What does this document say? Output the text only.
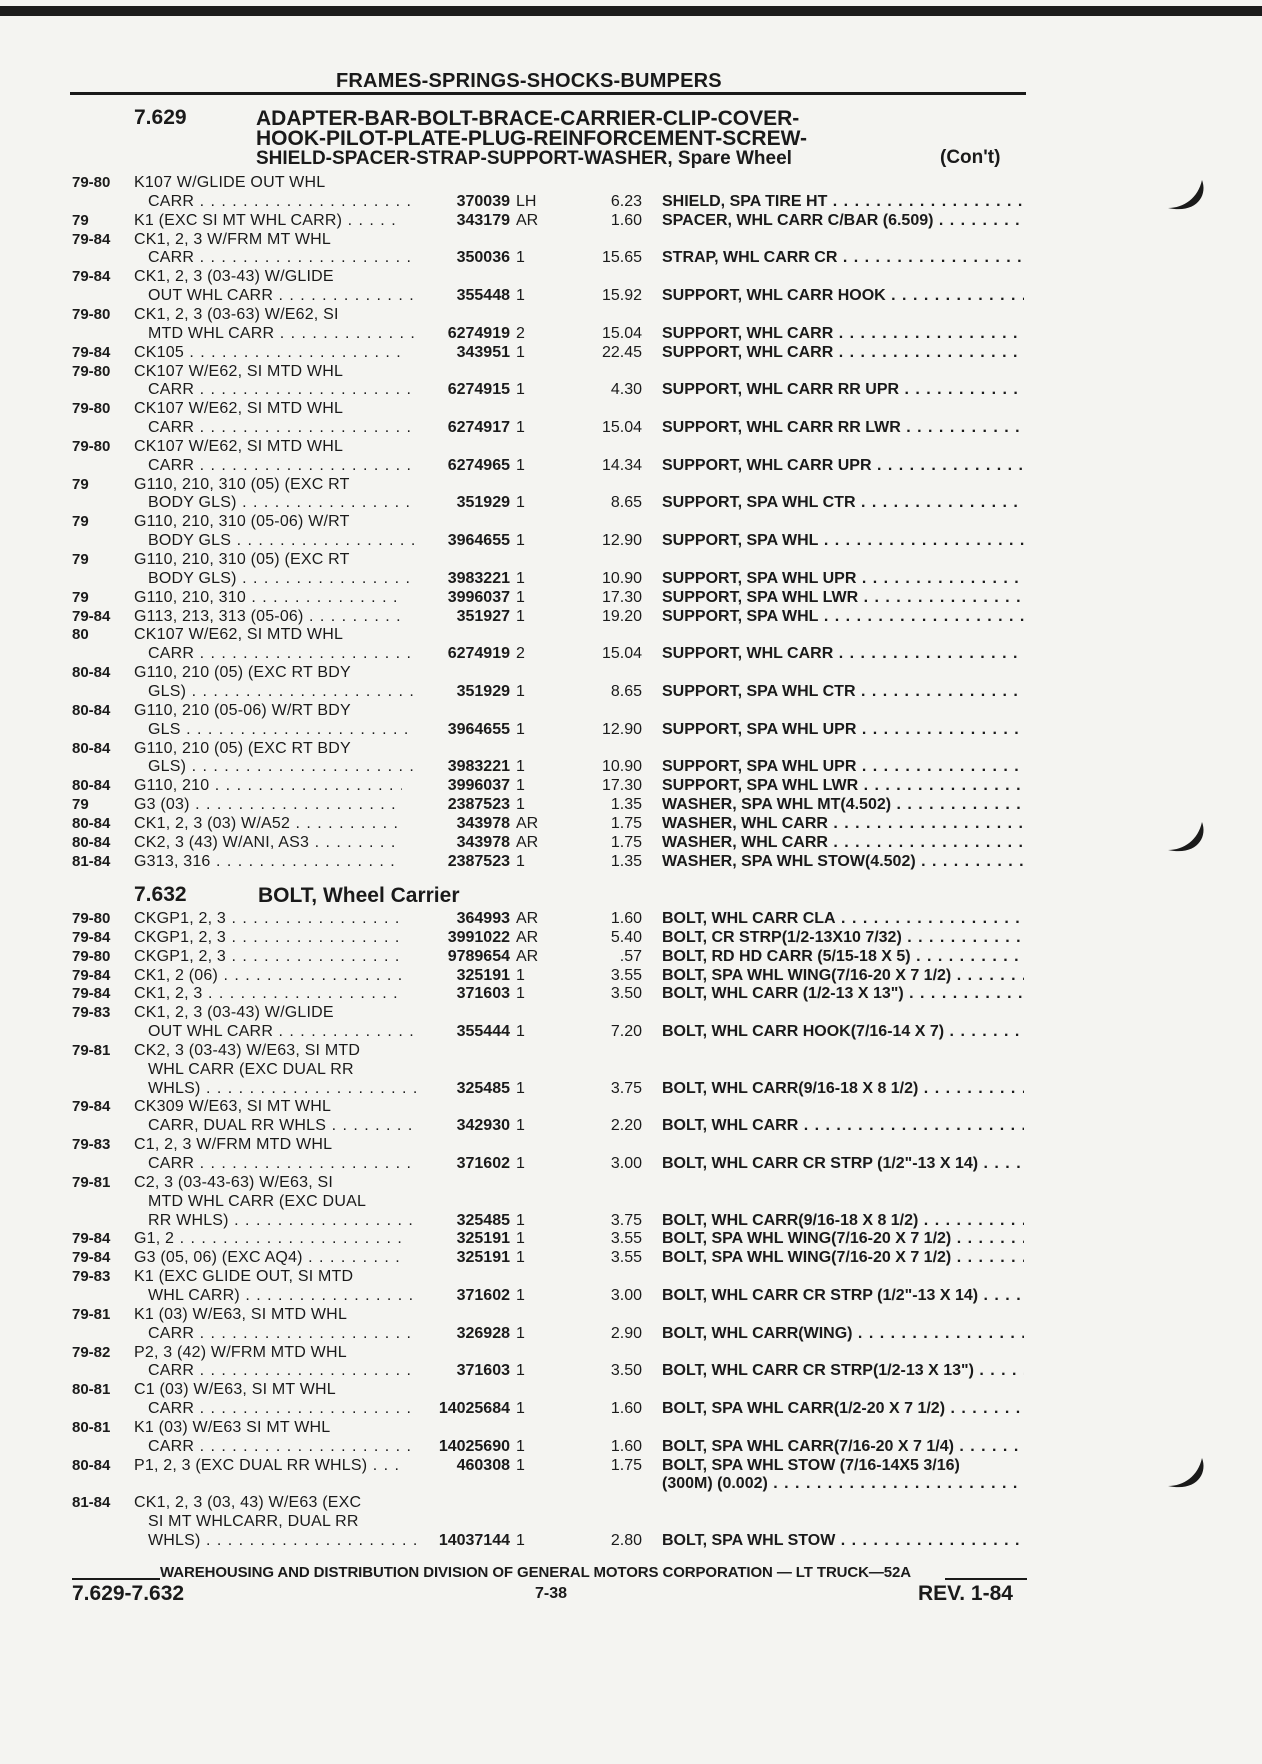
FRAMES-SPRINGS-SHOCKS-BUMPERS
7.629	ADAPTER-BAR-BOLT-BRACE-CARRIER-CLIP-COVER-
HOOK-PILOT-PLATE-PLUG-REINFORCEMENT-SCREW-
SHIELD-SPACER-STRAP-SUPPORT-WASHER, Spare Wheel	(Con't)
79-80 K107 W/GLIDE OUT WHL
CARR . . .	370039 LH	6.23 SHIELD, SPA TIRE HT . . .
79	K1 (EXC SI MT WHL CARR) . . .	343179 AR	1.60 SPACER, WHL CARR C/BAR (6.509) . . .
79-84 CK1, 2, 3 W/FRM MT WHL
CARR . . .	350036 1	15.65 STRAP, WHL CARR CR . . .
79-84 CK1, 2, 3 (03-43) W/GLIDE
OUT WHL CARR . . .	355448 1	15.92 SUPPORT, WHL CARR HOOK . . .
79-80 CK1, 2, 3 (03-63) W/E62, SI
MTD WHL CARR . . .	6274919 2	15.04 SUPPORT, WHL CARR . . .
79-84 CK105 . . .	343951 1	22.45 SUPPORT, WHL CARR . . .
79-80 CK107 W/E62, SI MTD WHL
CARR . . .	6274915 1	4.30 SUPPORT, WHL CARR RR UPR . . .
79-80 CK107 W/E62, SI MTD WHL
CARR . . .	6274917 1	15.04 SUPPORT, WHL CARR RR LWR . . .
79-80 CK107 W/E62, SI MTD WHL
CARR . . .	6274965 1	14.34 SUPPORT, WHL CARR UPR . . .
79	G110, 210, 310 (05) (EXC RT
BODY GLS) . . .	351929 1	8.65 SUPPORT, SPA WHL CTR . . .
79	G110, 210, 310 (05-06) W/RT
BODY GLS . . .	3964655 1	12.90 SUPPORT, SPA WHL . . .
79	G110, 210, 310 (05) (EXC RT
BODY GLS) . . .	3983221 1	10.90 SUPPORT, SPA WHL UPR . . .
79	G110, 210, 310 . . .	3996037 1	17.30 SUPPORT, SPA WHL LWR . . .
79-84 G113, 213, 313 (05-06) . . .	351927 1	19.20 SUPPORT, SPA WHL . . .
80	CK107 W/E62, SI MTD WHL
CARR . . .	6274919 2	15.04 SUPPORT, WHL CARR . . .
80-84 G110, 210 (05) (EXC RT BDY
GLS) . . .	351929 1	8.65 SUPPORT, SPA WHL CTR . . .
80-84 G110, 210 (05-06) W/RT BDY
GLS . . .	3964655 1	12.90 SUPPORT, SPA WHL UPR . . .
80-84 G110, 210 (05) (EXC RT BDY
GLS) . . .	3983221 1	10.90 SUPPORT, SPA WHL UPR . . .
80-84 G110, 210 . . .	3996037 1	17.30 SUPPORT, SPA WHL LWR . . .
79	G3 (03) . . .	2387523 1	1.35 WASHER, SPA WHL MT(4.502) . . .
80-84 CK1, 2, 3 (03) W/A52 . . .	343978 AR	1.75 WASHER, WHL CARR . . .
80-84 CK2, 3 (43) W/ANI, AS3 . . .	343978 AR	1.75 WASHER, WHL CARR . . .
81-84 G313, 316 . . .	2387523 1	1.35 WASHER, SPA WHL STOW(4.502) . . .
7.632	BOLT, Wheel Carrier
79-80 CKGP1, 2, 3 . . .	364993 AR	1.60 BOLT, WHL CARR CLA . . .
79-84 CKGP1, 2, 3 . . .	3991022 AR	5.40 BOLT, CR STRP(1/2-13X10 7/32) . . .
79-80 CKGP1, 2, 3 . . .	9789654 AR	.57 BOLT, RD HD CARR (5/15-18 X 5) . . .
79-84 CK1, 2 (06) . . .	325191 1	3.55 BOLT, SPA WHL WING(7/16-20 X 7 1/2) . . .
79-84 CK1, 2, 3 . . .	371603 1	3.50 BOLT, WHL CARR (1/2-13 X 13") . . .
79-83 CK1, 2, 3 (03-43) W/GLIDE
OUT WHL CARR . . .	355444 1	7.20 BOLT, WHL CARR HOOK(7/16-14 X 7) . . .
79-81 CK2, 3 (03-43) W/E63, SI MTD
WHL CARR (EXC DUAL RR
WHLS) . . .	325485 1	3.75 BOLT, WHL CARR(9/16-18 X 8 1/2) . . .
79-84 CK309 W/E63, SI MT WHL
CARR, DUAL RR WHLS . . .	342930 1	2.20 BOLT, WHL CARR . . .
79-83 C1, 2, 3 W/FRM MTD WHL
CARR . . .	371602 1	3.00 BOLT, WHL CARR CR STRP (1/2"-13 X 14) . . .
79-81 C2, 3 (03-43-63) W/E63, SI
MTD WHL CARR (EXC DUAL
RR WHLS) . . .	325485 1	3.75 BOLT, WHL CARR(9/16-18 X 8 1/2) . . .
79-84 G1, 2 . . .	325191 1	3.55 BOLT, SPA WHL WING(7/16-20 X 7 1/2) . . .
79-84 G3 (05, 06) (EXC AQ4) . . .	325191 1	3.55 BOLT, SPA WHL WING(7/16-20 X 7 1/2) . . .
79-83 K1 (EXC GLIDE OUT, SI MTD
WHL CARR) . . .	371602 1	3.00 BOLT, WHL CARR CR STRP (1/2"-13 X 14) . . .
79-81 K1 (03) W/E63, SI MTD WHL
CARR . . .	326928 1	2.90 BOLT, WHL CARR(WING) . . .
79-82 P2, 3 (42) W/FRM MTD WHL
CARR . . .	371603 1	3.50 BOLT, WHL CARR CR STRP(1/2-13 X 13") . . .
80-81 C1 (03) W/E63, SI MT WHL
CARR . . .	14025684 1	1.60 BOLT, SPA WHL CARR(1/2-20 X 7 1/2) . . .
80-81 K1 (03) W/E63 SI MT WHL
CARR . . .	14025690 1	1.60 BOLT, SPA WHL CARR(7/16-20 X 7 1/4) . . .
80-84 P1, 2, 3 (EXC DUAL RR WHLS) . . .	460308 1	1.75 BOLT, SPA WHL STOW (7/16-14X5 3/16)
(300M) (0.002) . . .
81-84 CK1, 2, 3 (03, 43) W/E63 (EXC
SI MT WHLCARR, DUAL RR
WHLS) . . .	14037144 1	2.80 BOLT, SPA WHL STOW . . .
WAREHOUSING AND DISTRIBUTION DIVISION OF GENERAL MOTORS CORPORATION — LT TRUCK—52A
7.629-7.632	7-38	REV. 1-84
